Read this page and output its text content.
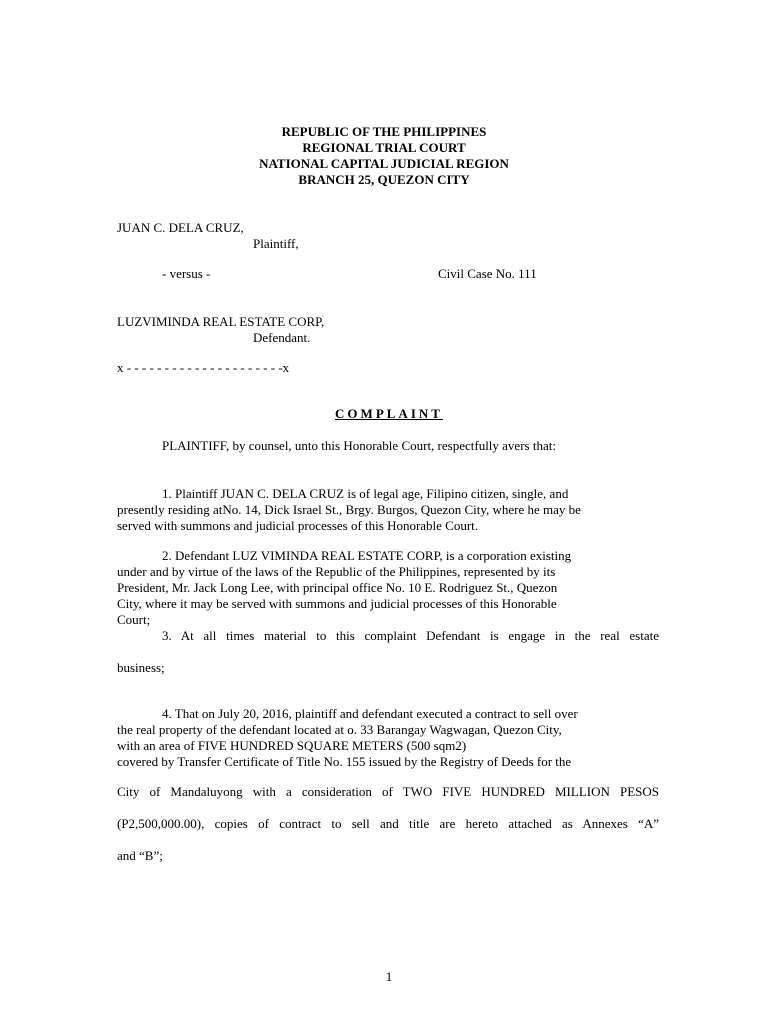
REPUBLIC OF THE PHILIPPINES
REGIONAL TRIAL COURT
NATIONAL CAPITAL JUDICIAL REGION
BRANCH 25, QUEZON CITY
JUAN C. DELA CRUZ,
Plaintiff,
- versus -	Civil Case No. 111
LUZVIMINDA REAL ESTATE CORP,
Defendant.
x - - - - - - - - - - - - - - - - - - - - -x
COMPLAINT
PLAINTIFF, by counsel, unto this Honorable Court, respectfully avers that:
1. Plaintiff JUAN C. DELA CRUZ is of legal age, Filipino citizen, single, and
presently residing atNo. 14, Dick Israel St., Brgy. Burgos, Quezon City, where he may be
served with summons and judicial processes of this Honorable Court.
2. Defendant LUZ VIMINDA REAL ESTATE CORP, is a corporation existing
under and by virtue of the laws of the Republic of the Philippines, represented by its
President, Mr. Jack Long Lee, with principal office No. 10 E. Rodriguez St., Quezon
City, where it may be served with summons and judicial processes of this Honorable
Court;
3. At all times material to this complaint Defendant is engage in the real estate
business;
4. That on July 20, 2016, plaintiff and defendant executed a contract to sell over
the real property of the defendant located at o. 33 Barangay Wagwagan, Quezon City,
with an area of FIVE HUNDRED SQUARE METERS (500 sqm2)
covered by Transfer Certificate of Title No. 155 issued by the Registry of Deeds for the
City of Mandaluyong with a consideration of TWO FIVE HUNDRED MILLION PESOS
(P2,500,000.00), copies of contract to sell and title are hereto attached as Annexes “A”
and “B”;
1
